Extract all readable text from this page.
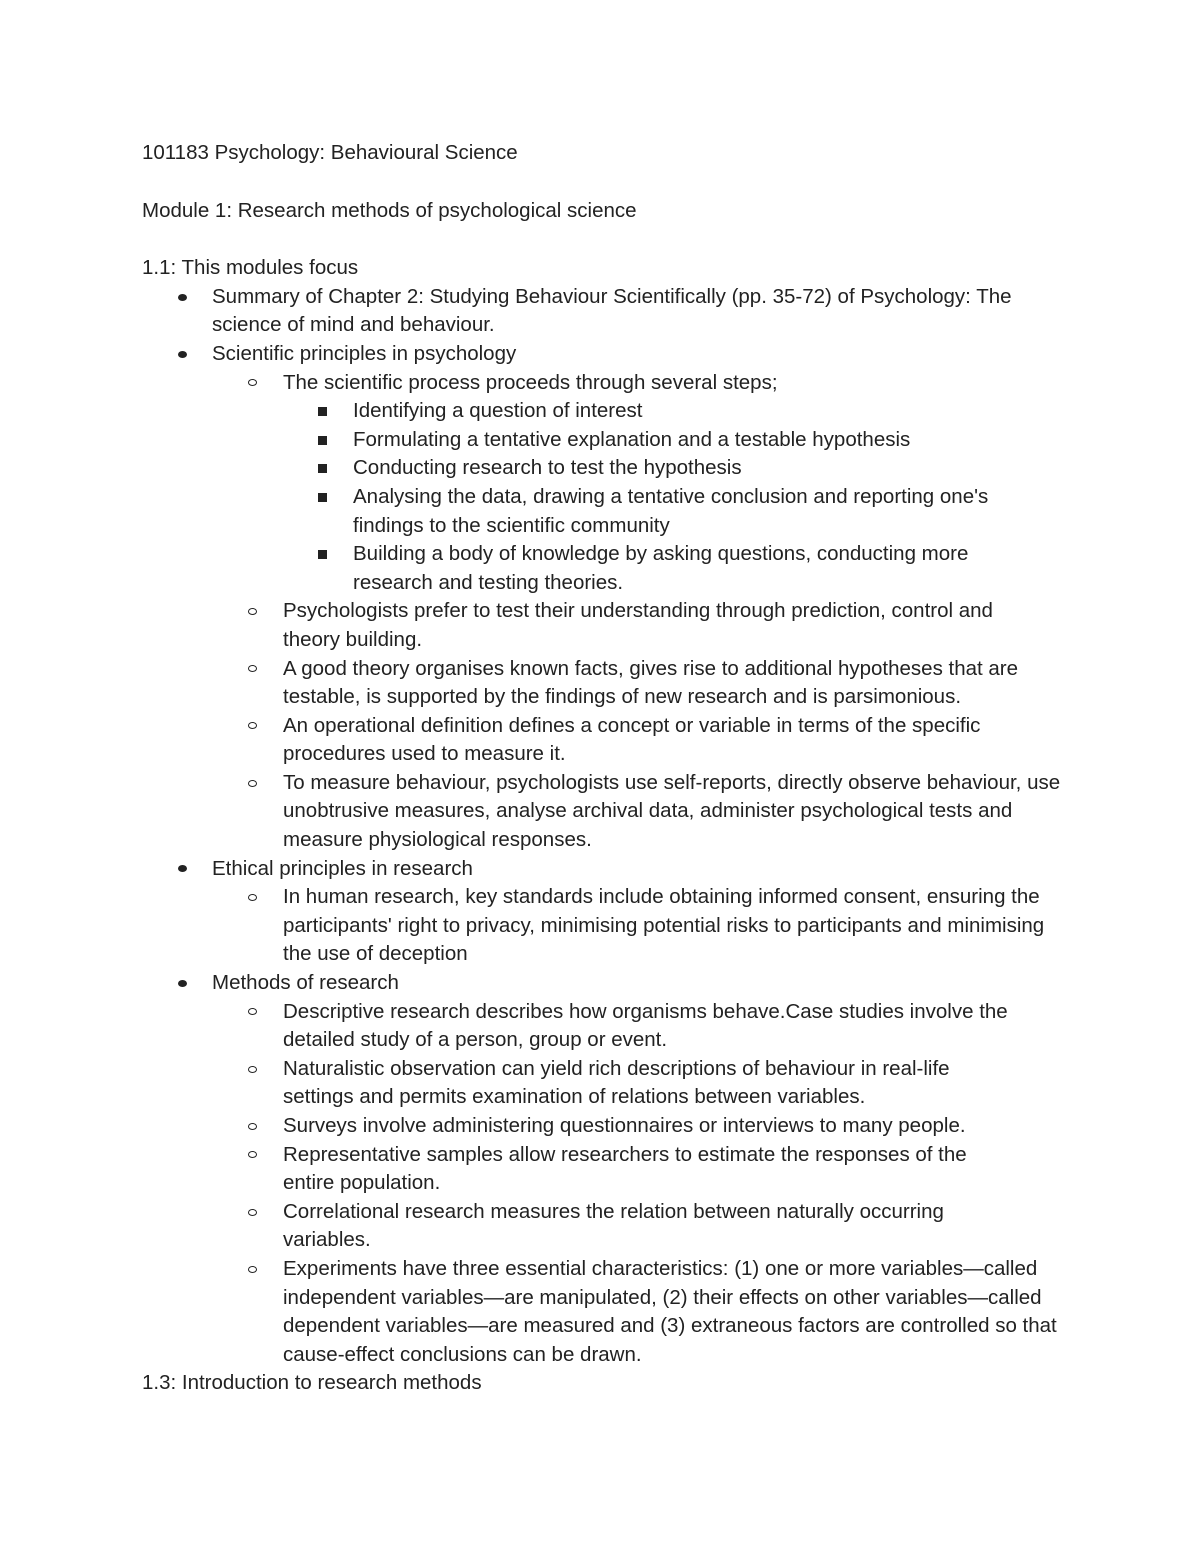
101183 Psychology: Behavioural Science

Module 1: Research methods of psychological science

1.1: This modules focus

Summary of Chapter 2: Studying Behaviour Scientifically (pp. 35-72) of Psychology: The science of mind and behaviour.
Scientific principles in psychology
The scientific process proceeds through several steps;
Identifying a question of interest
Formulating a tentative explanation and a testable hypothesis
Conducting research to test the hypothesis
Analysing the data, drawing a tentative conclusion and reporting one's findings to the scientific community
Building a body of knowledge by asking questions, conducting more research and testing theories.
Psychologists prefer to test their understanding through prediction, control and theory building.
A good theory organises known facts, gives rise to additional hypotheses that are testable, is supported by the findings of new research and is parsimonious.
An operational definition defines a concept or variable in terms of the specific procedures used to measure it.
To measure behaviour, psychologists use self-reports, directly observe behaviour, use unobtrusive measures, analyse archival data, administer psychological tests and measure physiological responses.
Ethical principles in research
In human research, key standards include obtaining informed consent, ensuring the participants' right to privacy, minimising potential risks to participants and minimising the use of deception
Methods of research
Descriptive research describes how organisms behave.Case studies involve the detailed study of a person, group or event.
Naturalistic observation can yield rich descriptions of behaviour in real-life settings and permits examination of relations between variables.
Surveys involve administering questionnaires or interviews to many people.
Representative samples allow researchers to estimate the responses of the entire population.
Correlational research measures the relation between naturally occurring variables.
Experiments have three essential characteristics: (1) one or more variables—called independent variables—are manipulated, (2) their effects on other variables—called dependent variables—are measured and (3) extraneous factors are controlled so that cause-effect conclusions can be drawn.

1.3: Introduction to research methods
